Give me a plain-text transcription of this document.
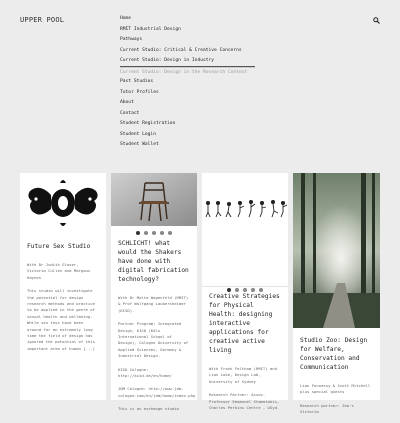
UPPER POOL	Home
RMIT Industrial Design
Pathways
Current Studio: Critical & Creative Concerns
Current Studio: Design in Industry
Current Studio: Design in the Research Context
Past Studios
Tutor Profiles
About
Contact
Student Registration
Student Login
Student Wallet
Future Sex Studio
With Dr Judith Glover, Victoria Cullen and Margaux Haynes
This studio will investigate the potential for design research methods and practice to be applied in the genre of sexual health and wellbeing. While sex toys have been around for an extremely long time the field of design has ignored the potential of this important area of human [...]
SCHLICHT! what would the Shakers have done with digital fabrication technology?
With Dr Malte Wagenfeld (RMIT) & Prof Wolfgang Laubersheimer (KISD).
Partner Program: Integrated Design, KISD (Köln International School of Design), Cologne University of Applied Sciences, Germany & Industrial Design.
KISD Cologne: http://kisd.de/en/home/
JDM Cologne: http://www.jdm-cologne.com/en/jdm/home/index.php
This is an exchange studio
Creative Strategies for Physical Health: designing interactive applications for creative active living
With Frank Feltham (RMIT) and Lian Loke, Design Lab, University of Sydney
Research Partner: Assoc. Professor Emmanuel Stamatakis, Charles Perkins Centre , USyd.
Studio Zoo: Design for Welfare, Conservation and Communication
Lian Fennessy & Scott Mitchell plus special guests
Research partner: Zoo's Victoria
